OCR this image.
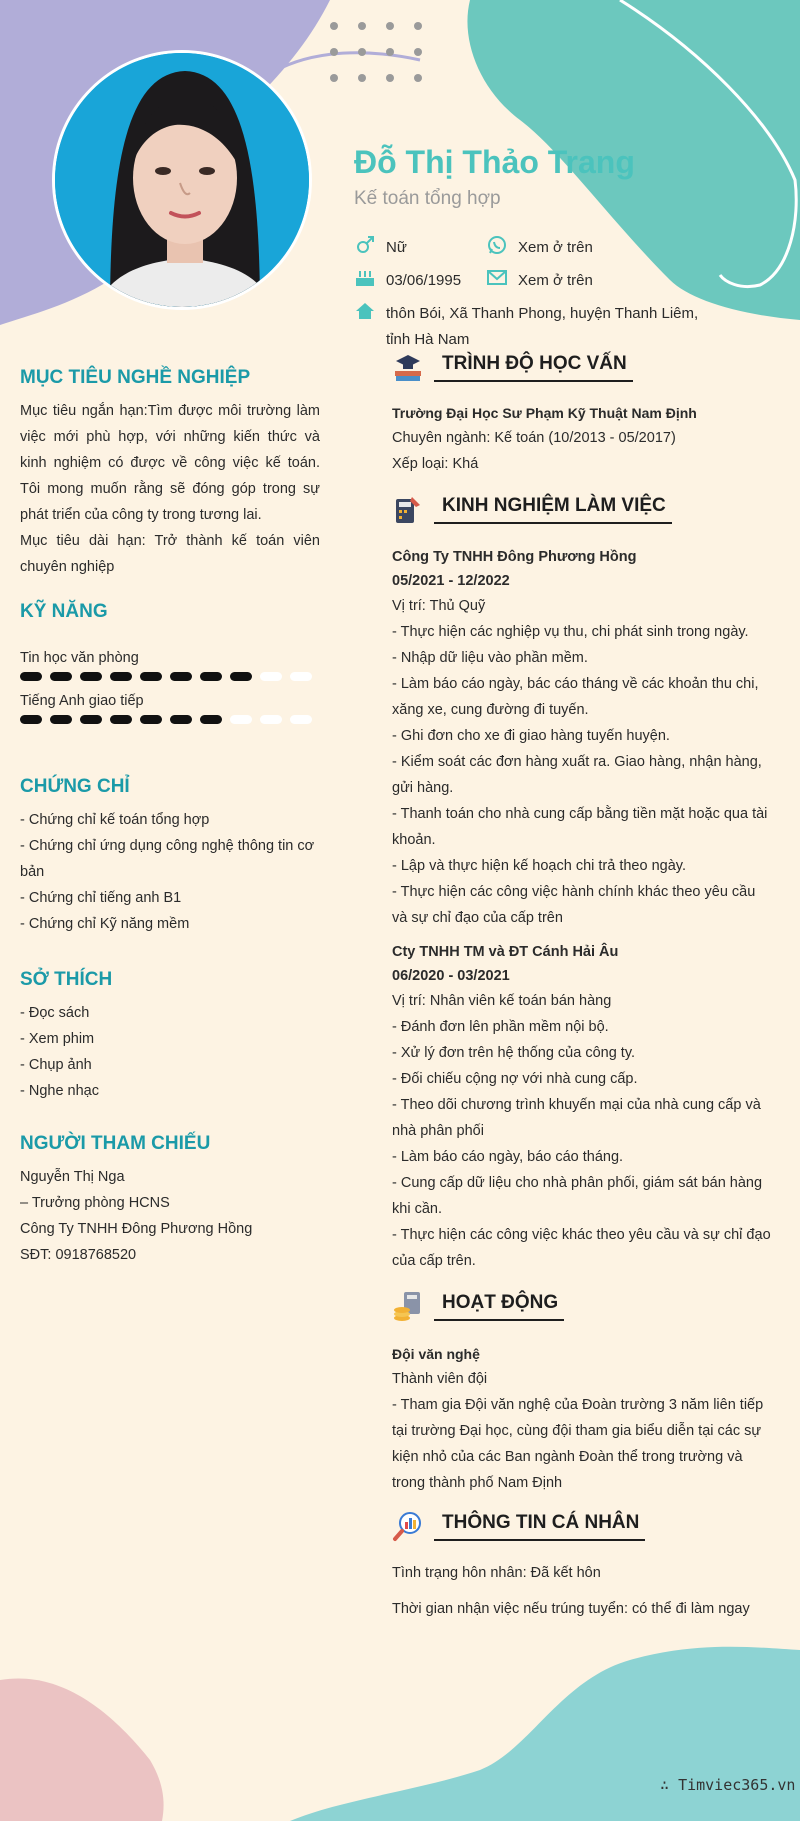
Đỗ Thị Thảo Trang
Kế toán tổng hợp
Nữ	Xem ở trên
03/06/1995	Xem ở trên
thôn Bói, Xã Thanh Phong, huyện Thanh Liêm,
tỉnh Hà Nam
MỤC TIÊU NGHỀ NGHIỆP

Mục tiêu ngắn hạn:Tìm được môi trường làm việc mới phù hợp, với những kiến thức và kinh nghiệm có được về công việc kế toán. Tôi mong muốn rằng sẽ đóng góp trong sự phát triển của công ty trong tương lai.

Mục tiêu dài hạn: Trở thành kế toán viên chuyên nghiệp

KỸ NĂNG

Tin học văn phòng

Tiếng Anh giao tiếp

CHỨNG CHỈ

- Chứng chỉ kế toán tổng hợp

- Chứng chỉ ứng dụng công nghệ thông tin cơ bản

- Chứng chỉ tiếng anh B1

- Chứng chỉ Kỹ năng mềm

SỞ THÍCH

- Đọc sách

- Xem phim

- Chụp ảnh

- Nghe nhạc

NGƯỜI THAM CHIẾU

Nguyễn Thị Nga

– Trưởng phòng HCNS

Công Ty TNHH Đông Phương Hồng

SĐT: 0918768520

TRÌNH ĐỘ HỌC VẤN

Trường Đại Học Sư Phạm Kỹ Thuật Nam Định

Chuyên ngành: Kế toán (10/2013 - 05/2017)

Xếp loại: Khá

KINH NGHIỆM LÀM VIỆC

Công Ty TNHH Đông Phương Hồng

05/2021 - 12/2022

Vị trí: Thủ Quỹ

- Thực hiện các nghiệp vụ thu, chi phát sinh trong ngày.

- Nhập dữ liệu vào phần mềm.

- Làm báo cáo ngày, bác cáo tháng về các khoản thu chi, xăng xe, cung đường đi tuyến.

- Ghi đơn cho xe đi giao hàng tuyến huyện.

- Kiểm soát các đơn hàng xuất ra. Giao hàng, nhận hàng, gửi hàng.

- Thanh toán cho nhà cung cấp bằng tiền mặt hoặc qua tài khoản.

- Lập và thực hiện kế hoạch chi trả theo ngày.

- Thực hiện các công việc hành chính khác theo yêu cầu và sự chỉ đạo của cấp trên

Cty TNHH TM và ĐT Cánh Hải Âu

06/2020 - 03/2021

Vị trí: Nhân viên kế toán bán hàng

- Đánh đơn lên phần mềm nội bộ.

- Xử lý đơn trên hệ thống của công ty.

- Đối chiếu cộng nợ với nhà cung cấp.

- Theo dõi chương trình khuyến mại của nhà cung cấp và nhà phân phối

- Làm báo cáo ngày, báo cáo tháng.

- Cung cấp dữ liệu cho nhà phân phối, giám sát bán hàng khi cần.

- Thực hiện các công việc khác theo yêu cầu và sự chỉ đạo của cấp trên.

HOẠT ĐỘNG

Đội văn nghệ

Thành viên đội

- Tham gia Đội văn nghệ của Đoàn trường 3 năm liên tiếp tại trường Đại học, cùng đội tham gia biểu diễn tại các sự kiện nhỏ của các Ban ngành Đoàn thể trong trường và trong thành phố Nam Định

THÔNG TIN CÁ NHÂN

Tình trạng hôn nhân: Đã kết hôn

Thời gian nhận việc nếu trúng tuyển: có thể đi làm ngay

∴ Timviec365.vn
